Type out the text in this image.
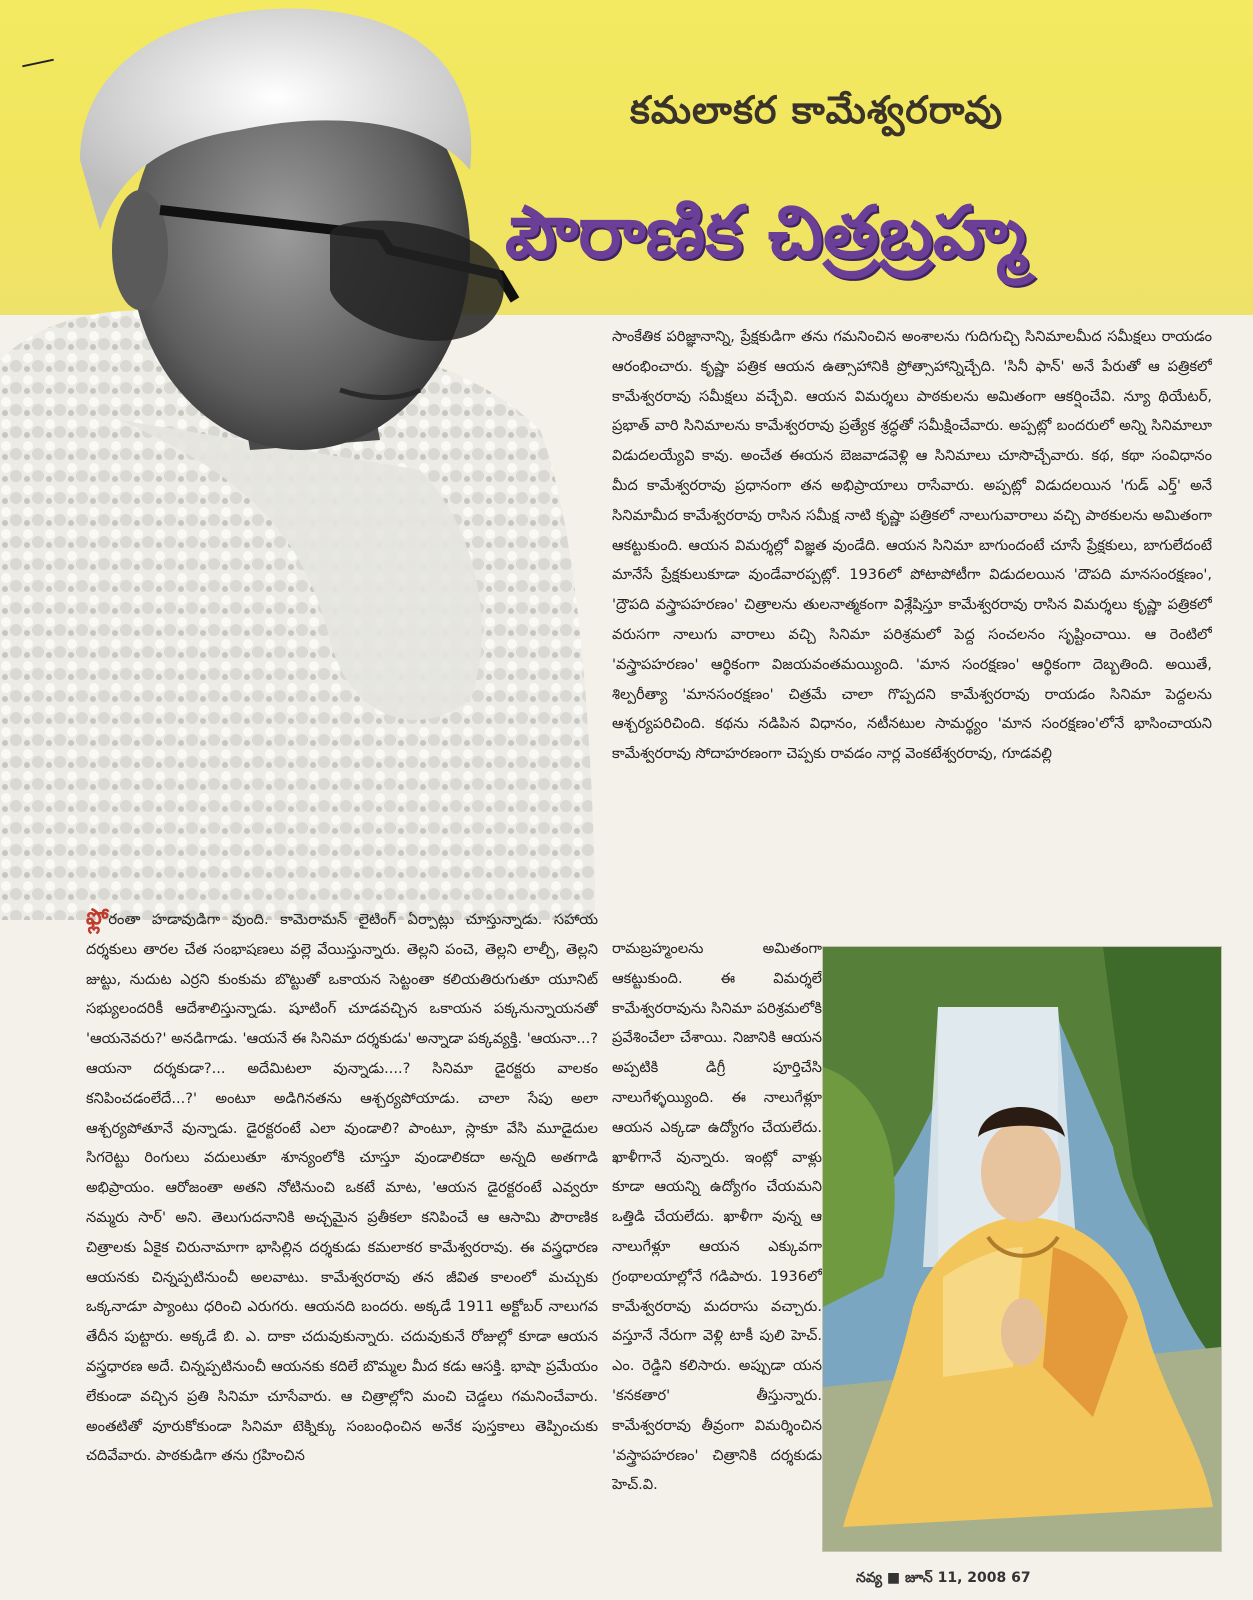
కమలాకర కామేశ్వరరావు
పౌరాణిక చిత్రబ్రహ్మ
సాంకేతిక పరిజ్ఞానాన్ని, ప్రేక్షకుడిగా తను గమనించిన అంశాలను గుదిగుచ్చి సినిమాలమీద సమీక్షలు రాయడం ఆరంభించారు. కృష్ణా పత్రిక ఆయన ఉత్సాహానికి ప్రోత్సాహాన్నిచ్చేది. 'సినీ ఫాన్' అనే పేరుతో ఆ పత్రికలో కామేశ్వరరావు సమీక్షలు వచ్చేవి. ఆయన విమర్శలు పాఠకులను అమితంగా ఆకర్షించేవి. న్యూ థియేటర్, ప్రభాత్ వారి సినిమాలను కామేశ్వరరావు ప్రత్యేక శ్రద్ధతో సమీక్షించేవారు. అప్పట్లో బందరులో అన్ని సినిమాలూ విడుదలయ్యేవి కావు. అంచేత ఈయన బెజవాడవెళ్లి ఆ సినిమాలు చూసొచ్చేవారు. కథ, కథా సంవిధానం మీద కామేశ్వరరావు ప్రధానంగా తన అభిప్రాయాలు రాసేవారు. అప్పట్లో విడుదలయిన 'గుడ్ ఎర్త్' అనే సినిమామీద కామేశ్వరరావు రాసిన సమీక్ష నాటి కృష్ణా పత్రికలో నాలుగువారాలు వచ్చి పాఠకులను అమితంగా ఆకట్టుకుంది. ఆయన విమర్శల్లో విజ్ఞత వుండేది. ఆయన సినిమా బాగుందంటే చూసే ప్రేక్షకులు, బాగులేదంటే మానేసే ప్రేక్షకులుకూడా వుండేవారప్పట్లో. 1936లో పోటాపోటీగా విడుదలయిన 'దౌపది మానసంరక్షణం', 'ద్రౌపది వస్త్రాపహరణం' చిత్రాలను తులనాత్మకంగా విశ్లేషిస్తూ కామేశ్వరరావు రాసిన విమర్శలు కృష్ణా పత్రికలో వరుసగా నాలుగు వారాలు వచ్చి సినిమా పరిశ్రమలో పెద్ద సంచలనం సృష్టించాయి. ఆ రెంటిలో 'వస్త్రాపహరణం' ఆర్థికంగా విజయవంతమయ్యింది. 'మాన సంరక్షణం' ఆర్థికంగా దెబ్బతింది. అయితే, శిల్పరీత్యా 'మానసంరక్షణం' చిత్రమే చాలా గొప్పదని కామేశ్వరరావు రాయడం సినిమా పెద్దలను ఆశ్చర్యపరిచింది. కథను నడిపిన విధానం, నటీనటుల సామర్థ్యం 'మాన సంరక్షణం'లోనే భాసించాయని కామేశ్వరరావు సోదాహరణంగా చెప్పకు రావడం నార్ల వెంకటేశ్వరరావు, గూడవల్లి
ఫ్లోరంతా హడావుడిగా వుంది. కామెరామన్ లైటింగ్ ఏర్పాట్లు చూస్తున్నాడు. సహాయ దర్శకులు తారల చేత సంభాషణలు వల్లె వేయిస్తున్నారు. తెల్లని పంచె, తెల్లని లాల్చీ, తెల్లని జుట్టు, నుదుట ఎర్రని కుంకుమ బొట్టుతో ఒకాయన సెట్టంతా కలియతిరుగుతూ యూనిట్ సభ్యులందరికీ ఆదేశాలిస్తున్నాడు. షూటింగ్ చూడవచ్చిన ఒకాయన పక్కనున్నాయనతో 'ఆయనెవరు?' అనడిగాడు. 'ఆయనే ఈ సినిమా దర్శకుడు' అన్నాడా పక్కవ్యక్తి. 'ఆయనా...? ఆయనా దర్శకుడా?... అదేమిటలా వున్నాడు....? సినిమా డైరక్టరు వాలకం కనిపించడంలేదే...?' అంటూ అడిగినతను ఆశ్చర్యపోయాడు. చాలా సేపు అలా ఆశ్చర్యపోతూనే వున్నాడు. డైరక్టరంటే ఎలా వుండాలి? పాంటూ, స్లాకూ వేసి మూడైదుల సిగరెట్టు రింగులు వదులుతూ శూన్యంలోకి చూస్తూ వుండాలికదా అన్నది అతగాడి అభిప్రాయం. ఆరోజంతా అతని నోటినుంచి ఒకటే మాట, 'ఆయన డైరక్టరంటే ఎవ్వరూ నమ్మరు సార్' అని. తెలుగుదనానికి అచ్చమైన ప్రతీకలా కనిపించే ఆ ఆసామి పౌరాణిక చిత్రాలకు ఏకైక చిరునామాగా భాసిల్లిన దర్శకుడు కమలాకర కామేశ్వరరావు. ఈ వస్త్రధారణ ఆయనకు చిన్నప్పటినుంచీ అలవాటు. కామేశ్వరరావు తన జీవిత కాలంలో మచ్చుకు ఒక్కనాడూ ప్యాంటు ధరించి ఎరుగరు. ఆయనది బందరు. అక్కడే 1911 అక్టోబర్ నాలుగవ తేదీన పుట్టారు. అక్కడే బి. ఎ. దాకా చదువుకున్నారు. చదువుకునే రోజుల్లో కూడా ఆయన వస్త్రధారణ అదే. చిన్నప్పటినుంచీ ఆయనకు కదిలే బొమ్మల మీద కడు ఆసక్తి. భాషా ప్రమేయం లేకుండా వచ్చిన ప్రతి సినిమా చూసేవారు. ఆ చిత్రాల్లోని మంచి చెడ్డలు గమనించేవారు. అంతటితో వూరుకోకుండా సినిమా టెక్నిక్కు సంబంధించిన అనేక పుస్తకాలు తెప్పించుకు చదివేవారు. పాఠకుడిగా తను గ్రహించిన
రామబ్రహ్మంలను అమితంగా ఆకట్టుకుంది. ఈ విమర్శలే కామేశ్వరరావును సినిమా పరిశ్రమలోకి ప్రవేశించేలా చేశాయి. నిజానికి ఆయన అప్పటికి డిగ్రీ పూర్తిచేసి నాలుగేళ్ళయ్యింది. ఈ నాలుగేళ్లూ ఆయన ఎక్కడా ఉద్యోగం చేయలేదు. ఖాళీగానే వున్నారు. ఇంట్లో వాళ్లు కూడా ఆయన్ని ఉద్యోగం చేయమని ఒత్తిడి చేయలేదు. ఖాళీగా వున్న ఆ నాలుగేళ్లూ ఆయన ఎక్కువగా గ్రంథాలయాల్లోనే గడిపారు. 1936లో కామేశ్వరరావు మదరాసు వచ్చారు. వస్తూనే నేరుగా వెళ్లి టాకీ పులి హెచ్. ఎం. రెడ్డిని కలిసారు. అప్పుడా యన 'కనకతార' తీస్తున్నారు. కామేశ్వరరావు తీవ్రంగా విమర్శించిన 'వస్త్రాపహరణం' చిత్రానికి దర్శకుడు హెచ్.వి.
నవ్య ■ జూన్ 11, 2008 67
